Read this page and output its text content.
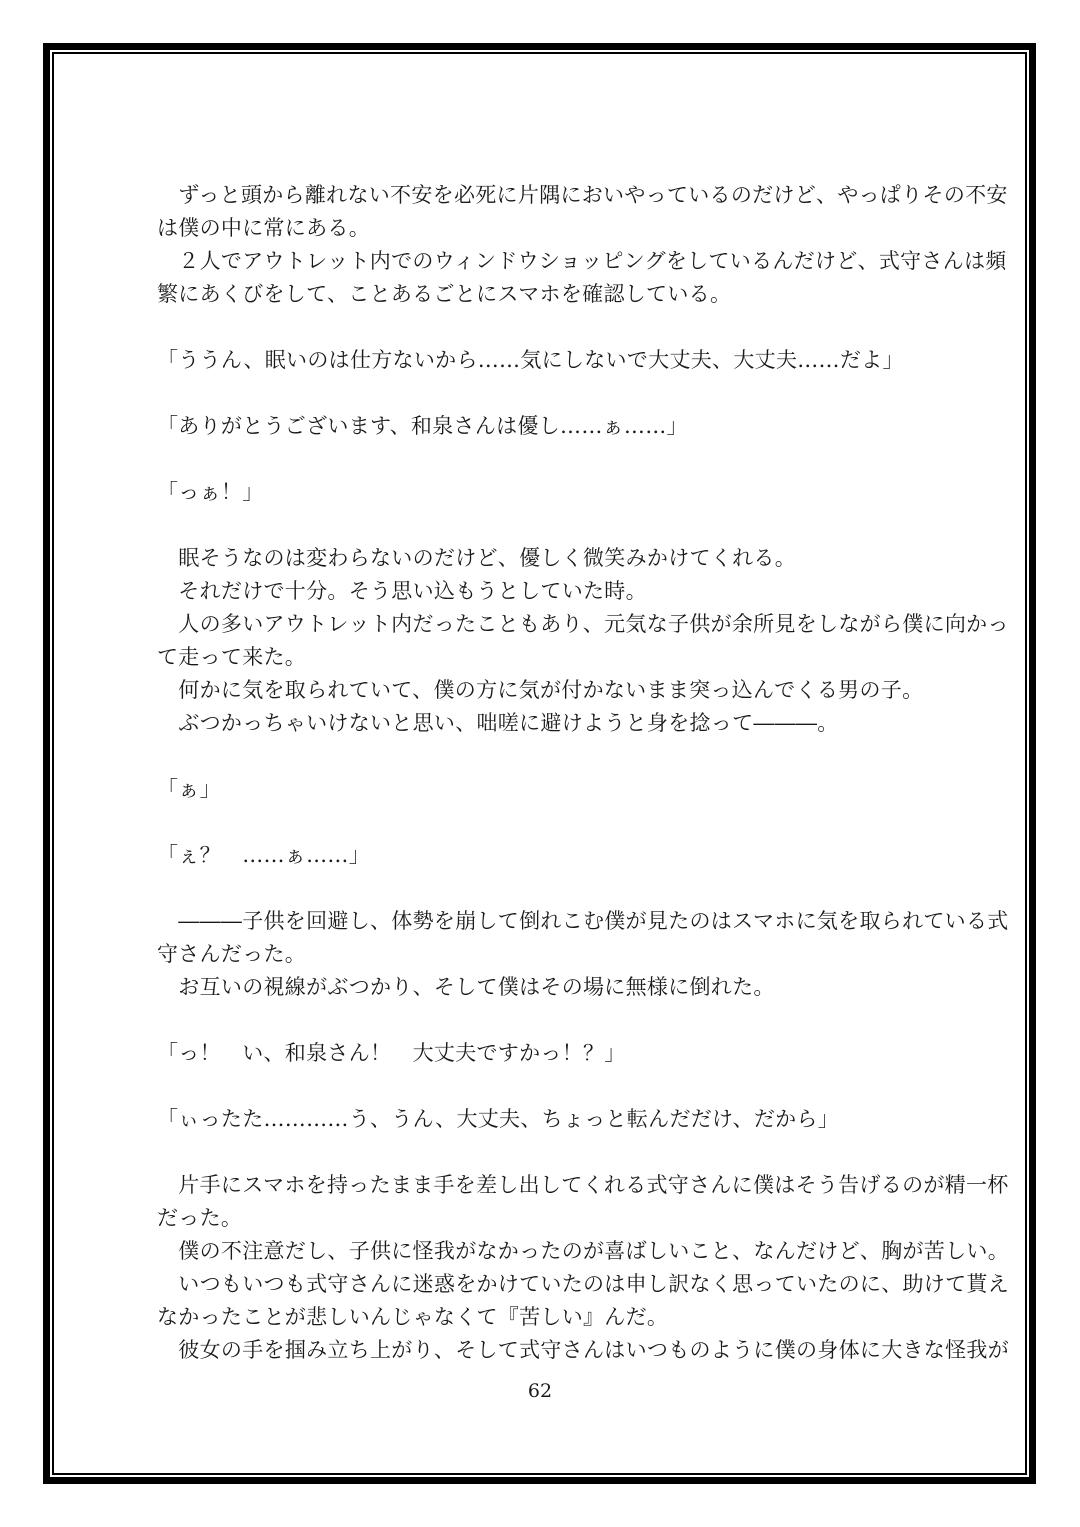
　ずっと頭から離れない不安を必死に片隅においやっているのだけど、やっぱりその不安
は僕の中に常にある。
　２人でアウトレット内でのウィンドウショッピングをしているんだけど、式守さんは頻
繁にあくびをして、ことあるごとにスマホを確認している。
「ううん、眠いのは仕方ないから……気にしないで大丈夫、大丈夫……だよ」
「ありがとうございます、和泉さんは優し……ぁ……」
「っぁ！」
　眠そうなのは変わらないのだけど、優しく微笑みかけてくれる。
　それだけで十分。そう思い込もうとしていた時。
　人の多いアウトレット内だったこともあり、元気な子供が余所見をしながら僕に向かっ
て走って来た。
　何かに気を取られていて、僕の方に気が付かないまま突っ込んでくる男の子。
　ぶつかっちゃいけないと思い、咄嗟に避けようと身を捻って―――。
「ぁ」
「ぇ？　……ぁ……」
　―――子供を回避し、体勢を崩して倒れこむ僕が見たのはスマホに気を取られている式
守さんだった。
　お互いの視線がぶつかり、そして僕はその場に無様に倒れた。
「っ！　い、和泉さん！　大丈夫ですかっ！？」
「ぃったた…………う、うん、大丈夫、ちょっと転んだだけ、だから」
　片手にスマホを持ったまま手を差し出してくれる式守さんに僕はそう告げるのが精一杯
だった。
　僕の不注意だし、子供に怪我がなかったのが喜ばしいこと、なんだけど、胸が苦しい。
　いつもいつも式守さんに迷惑をかけていたのは申し訳なく思っていたのに、助けて貰え
なかったことが悲しいんじゃなくて『苦しい』んだ。
　彼女の手を掴み立ち上がり、そして式守さんはいつものように僕の身体に大きな怪我が
62
